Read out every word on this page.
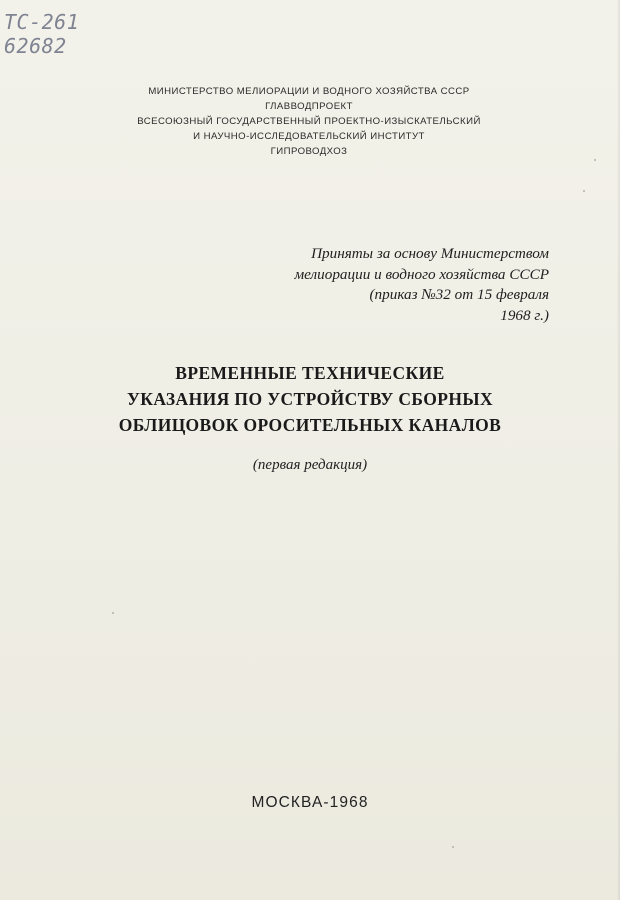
ТС-261
62682
МИНИСТЕРСТВО МЕЛИОРАЦИИ И ВОДНОГО ХОЗЯЙСТВА СССР
ГЛАВВОДПРОЕКТ
ВСЕСОЮЗНЫЙ ГОСУДАРСТВЕННЫЙ ПРОЕКТНО-ИЗЫСКАТЕЛЬСКИЙ
И НАУЧНО-ИССЛЕДОВАТЕЛЬСКИЙ ИНСТИТУТ
ГИПРОВОДХОЗ
Приняты за основу Министерством
мелиорации и водного хозяйства СССР
(приказ №32 от 15 февраля
1968 г.)
ВРЕМЕННЫЕ ТЕХНИЧЕСКИЕ
УКАЗАНИЯ ПО УСТРОЙСТВУ СБОРНЫХ
ОБЛИЦОВОК ОРОСИТЕЛЬНЫХ КАНАЛОВ
(первая редакция)
МОСКВА-1968
